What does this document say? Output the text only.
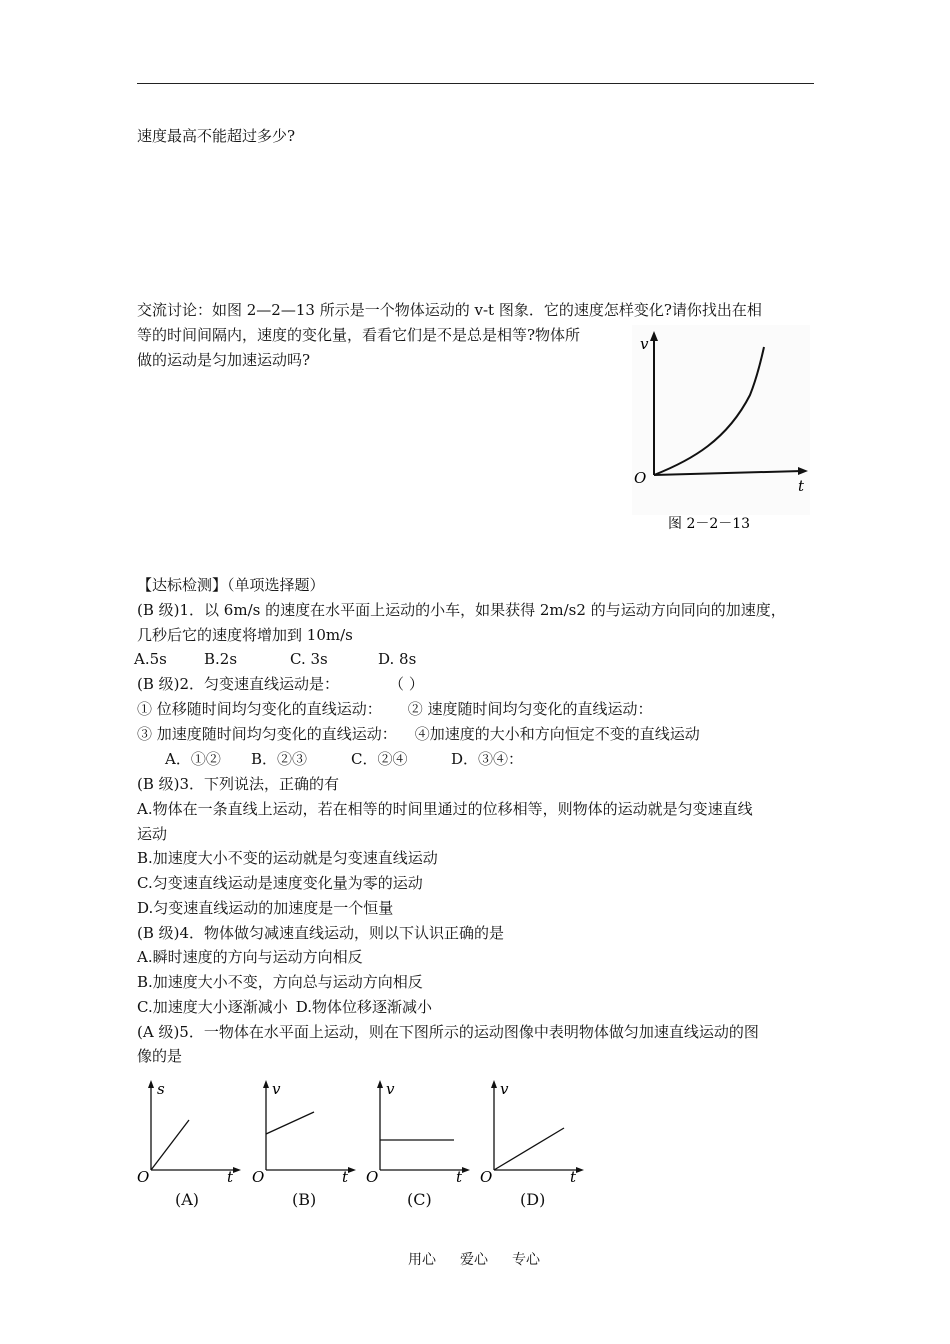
速度最高不能超过多少?
交流讨论：如图 2—2—13 所示是一个物体运动的 v-t 图象．它的速度怎样变化?请你找出在相
等的时间间隔内，速度的变化量，看看它们是不是总是相等?物体所
做的运动是匀加速运动吗?
v
O	t
图 2－2－13
【达标检测】（单项选择题）
(B 级)1．以 6m/s 的速度在水平面上运动的小车，如果获得 2m/s2 的与运动方向同向的加速度，
几秒后它的速度将增加到 10m/s
A.5s B.2s	C. 3s	D. 8s
(B 级)2．匀变速直线运动是：	（ ）
① 位移随时间均匀变化的直线运动： ② 速度随时间均匀变化的直线运动：
③ 加速度随时间均匀变化的直线运动： ④加速度的大小和方向恒定不变的直线运动
A．①② B．②③	C．②④	D．③④：
(B 级)3．下列说法，正确的有
A.物体在一条直线上运动，若在相等的时间里通过的位移相等，则物体的运动就是匀变速直线
运动
B.加速度大小不变的运动就是匀变速直线运动
C.匀变速直线运动是速度变化量为零的运动
D.匀变速直线运动的加速度是一个恒量
(B 级)4．物体做匀减速直线运动，则以下认识正确的是
A.瞬时速度的方向与运动方向相反
B.加速度大小不变，方向总与运动方向相反
C.加速度大小逐渐减小 D.物体位移逐渐减小
(A 级)5．一物体在水平面上运动，则在下图所示的运动图像中表明物体做匀加速直线运动的图
像的是
s
O	t
(A)
v
O	t
(B)
v
O	t
(C)
v
O	t
(D)
用心 爱心 专心
